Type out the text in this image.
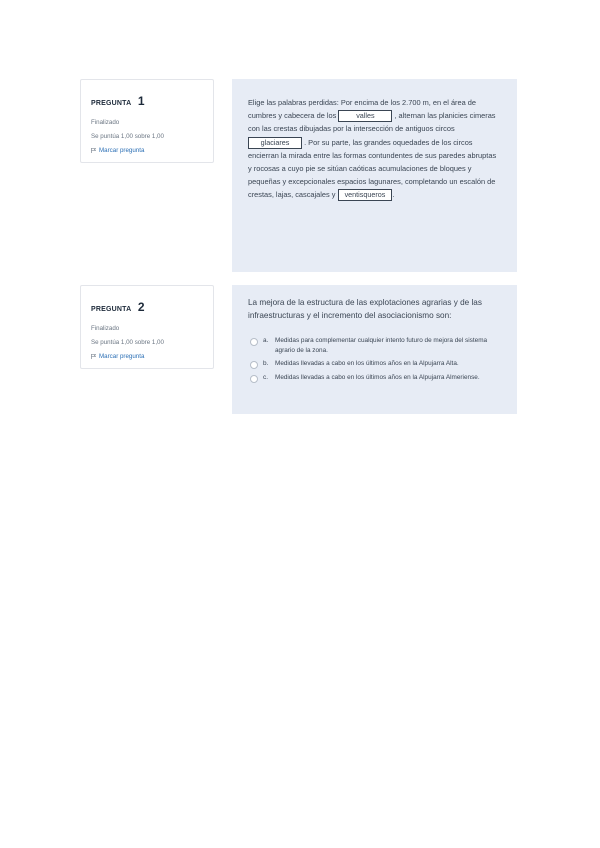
PREGUNTA 1
Finalizado
Se puntúa 1,00 sobre 1,00
Marcar pregunta
Elige las palabras perdidas: Por encima de los 2.700 m, en el área de cumbres y cabecera de los	valles	, alternan las planicies cimeras con las crestas dibujadas por la intersección de antiguos circos glaciares . Por su parte, las grandes oquedades de los circos encierran la mirada entre las formas contundentes de sus paredes abruptas y rocosas a cuyo pie se sitúan caóticas acumulaciones de bloques y pequeñas y excepcionales espacios lagunares, completando un escalón de crestas, lajas, cascajales y ventisqueros .
PREGUNTA 2
Finalizado
Se puntúa 1,00 sobre 1,00
Marcar pregunta
La mejora de la estructura de las explotaciones agrarias y de las infraestructuras y el incremento del asociacionismo son:
a.	Medidas para complementar cualquier intento futuro de mejora del sistema agrario de la zona.
b.	Medidas llevadas a cabo en los últimos años en la Alpujarra Alta.
c.	Medidas llevadas a cabo en los últimos años en la Alpujarra Almeriense.
